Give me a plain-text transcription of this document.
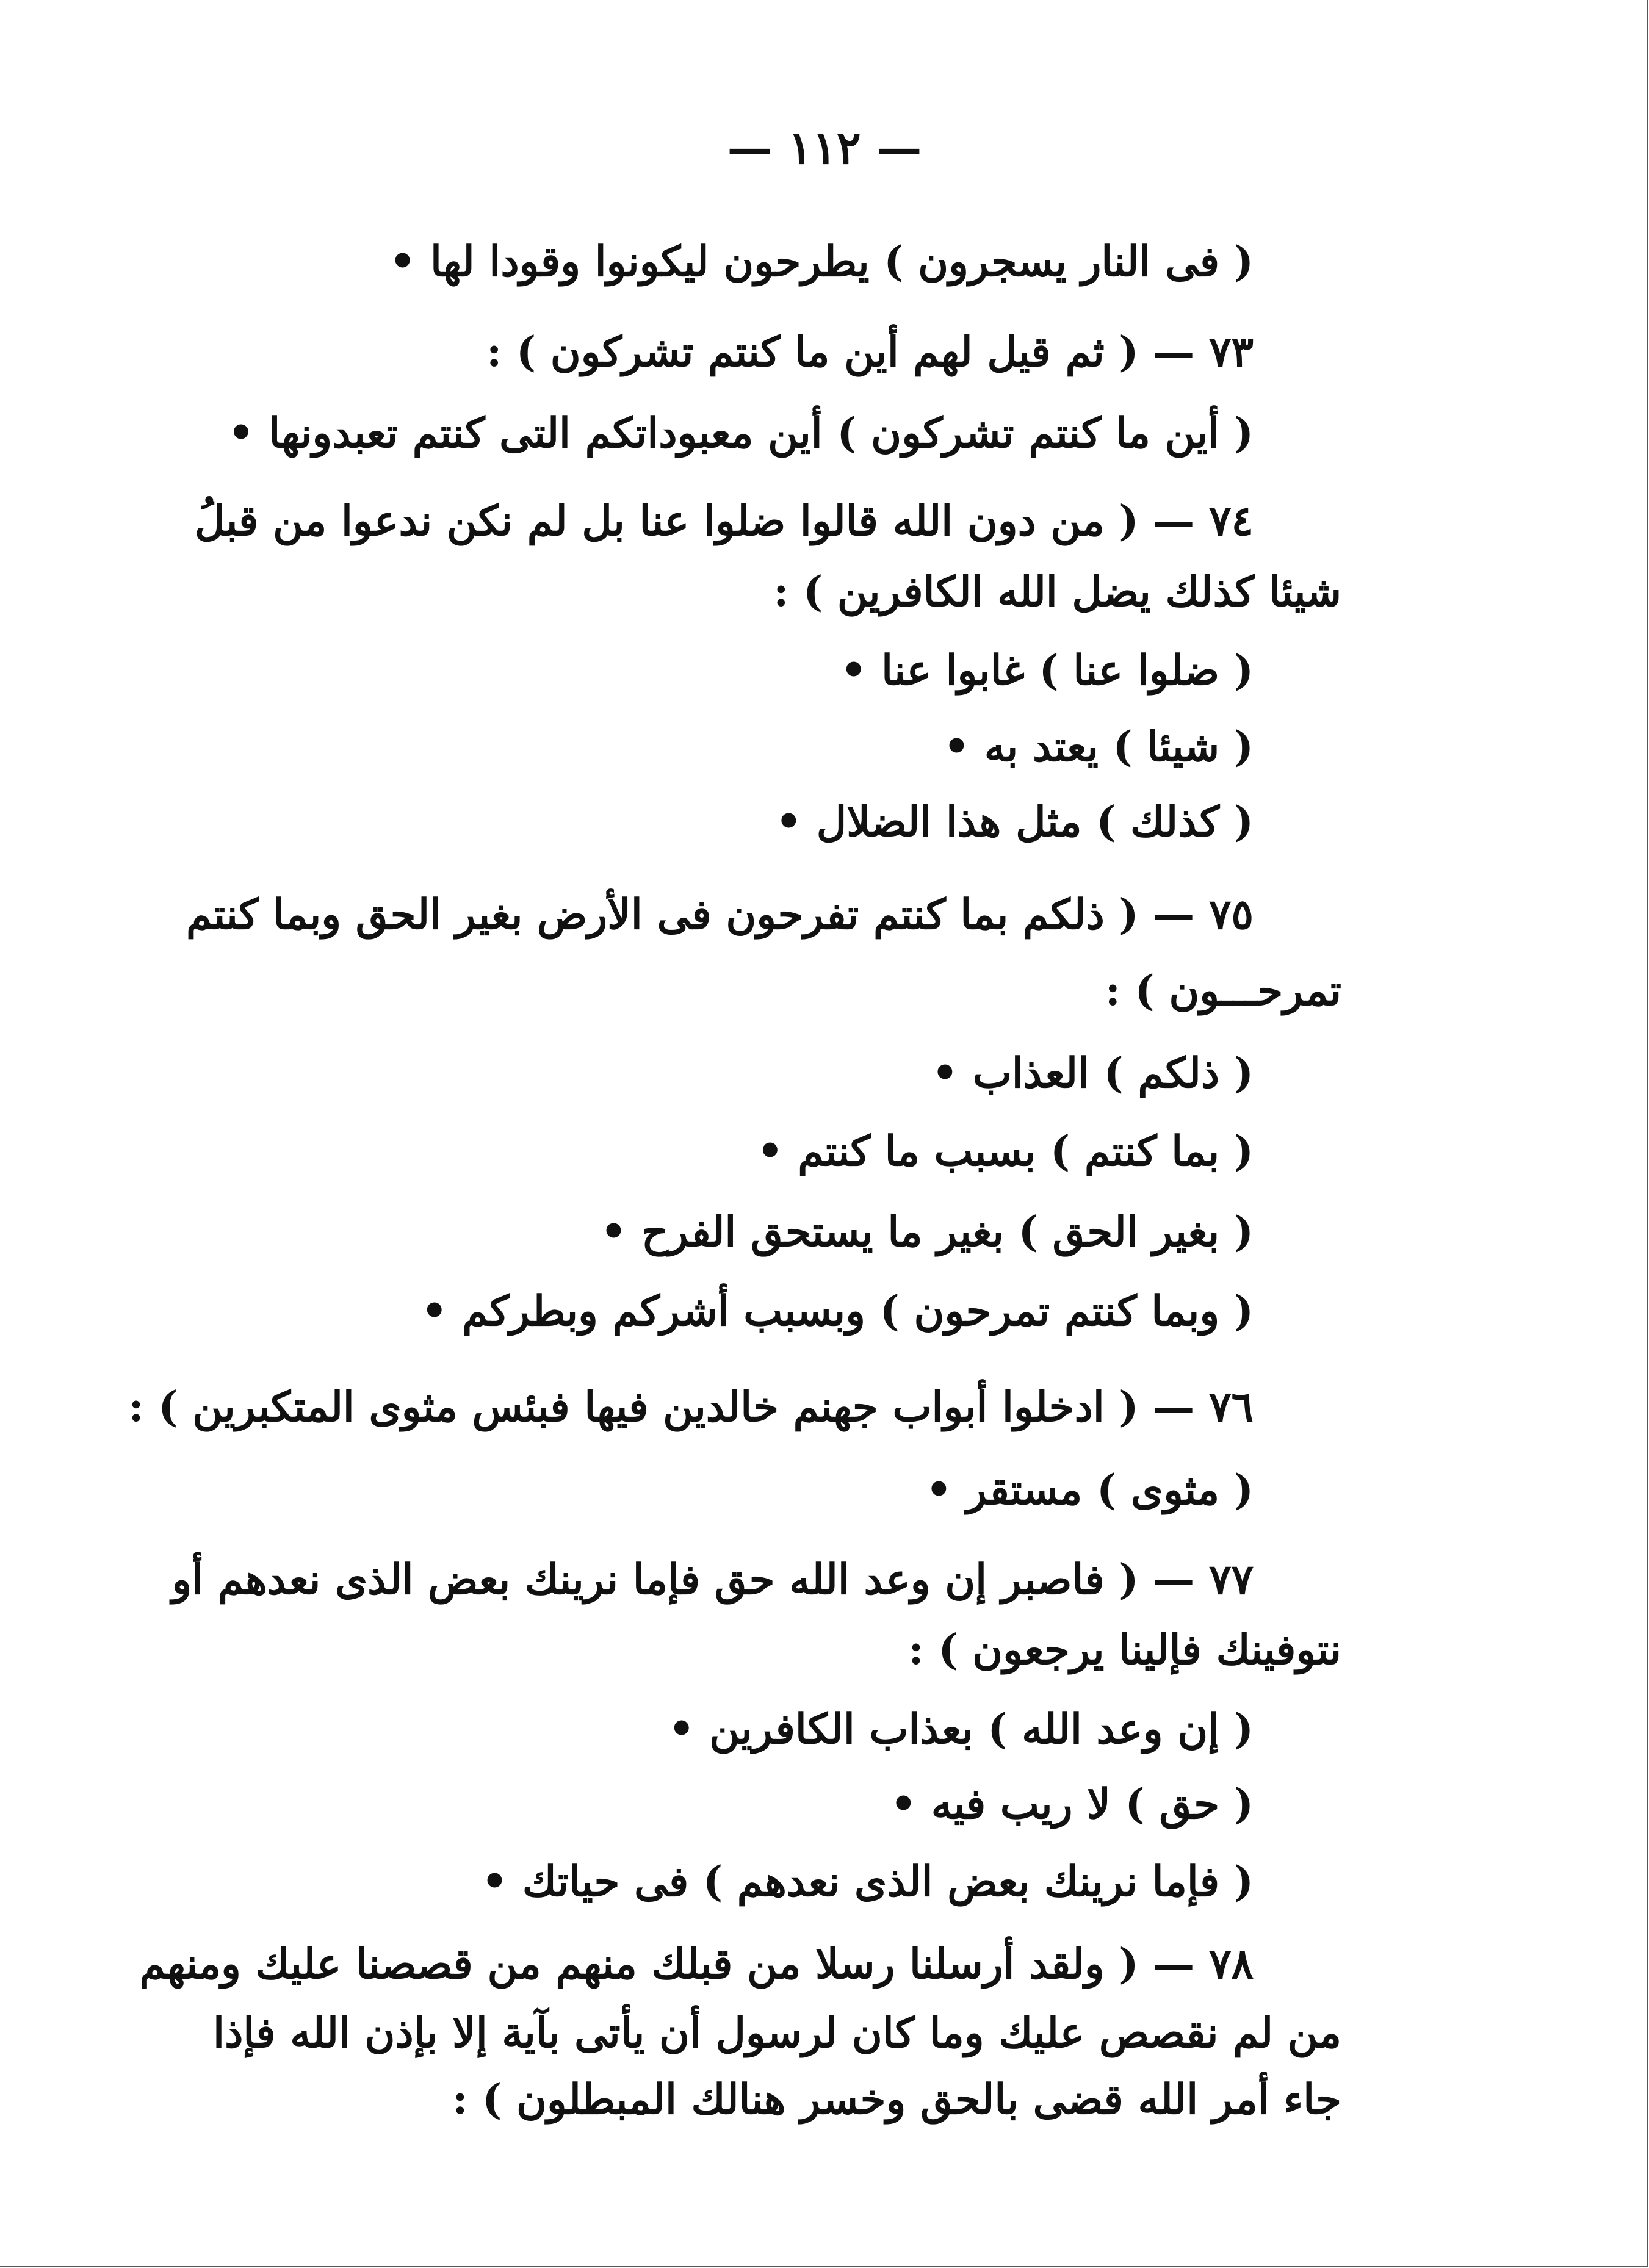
— ١١٢ —
( فى النار يسجرون ) يطرحون ليكونوا وقودا لها •
٧٣ — ( ثم قيل لهم أين ما كنتم تشركون ) :
( أين ما كنتم تشركون ) أين معبوداتكم التى كنتم تعبدونها •
٧٤ — ( من دون الله قالوا ضلوا عنا بل لم نكن ندعوا من قبلُ
شيئا كذلك يضل الله الكافرين ) :
( ضلوا عنا ) غابوا عنا •
( شيئا ) يعتد به •
( كذلك ) مثل هذا الضلال •
٧٥ — ( ذلكم بما كنتم تفرحون فى الأرض بغير الحق وبما كنتم
تمرحـــون ) :
( ذلكم ) العذاب •
( بما كنتم ) بسبب ما كنتم •
( بغير الحق ) بغير ما يستحق الفرح •
( وبما كنتم تمرحون ) وبسبب أشركم وبطركم •
٧٦ — ( ادخلوا أبواب جهنم خالدين فيها فبئس مثوى المتكبرين ) :
( مثوى ) مستقر •
٧٧ — ( فاصبر إن وعد الله حق فإما نرينك بعض الذى نعدهم أو
نتوفينك فإلينا يرجعون ) :
( إن وعد الله ) بعذاب الكافرين •
( حق ) لا ريب فيه •
( فإما نرينك بعض الذى نعدهم ) فى حياتك •
٧٨ — ( ولقد أرسلنا رسلا من قبلك منهم من قصصنا عليك ومنهم
من لم نقصص عليك وما كان لرسول أن يأتى بآية إلا بإذن الله فإذا
جاء أمر الله قضى بالحق وخسر هنالك المبطلون ) :
